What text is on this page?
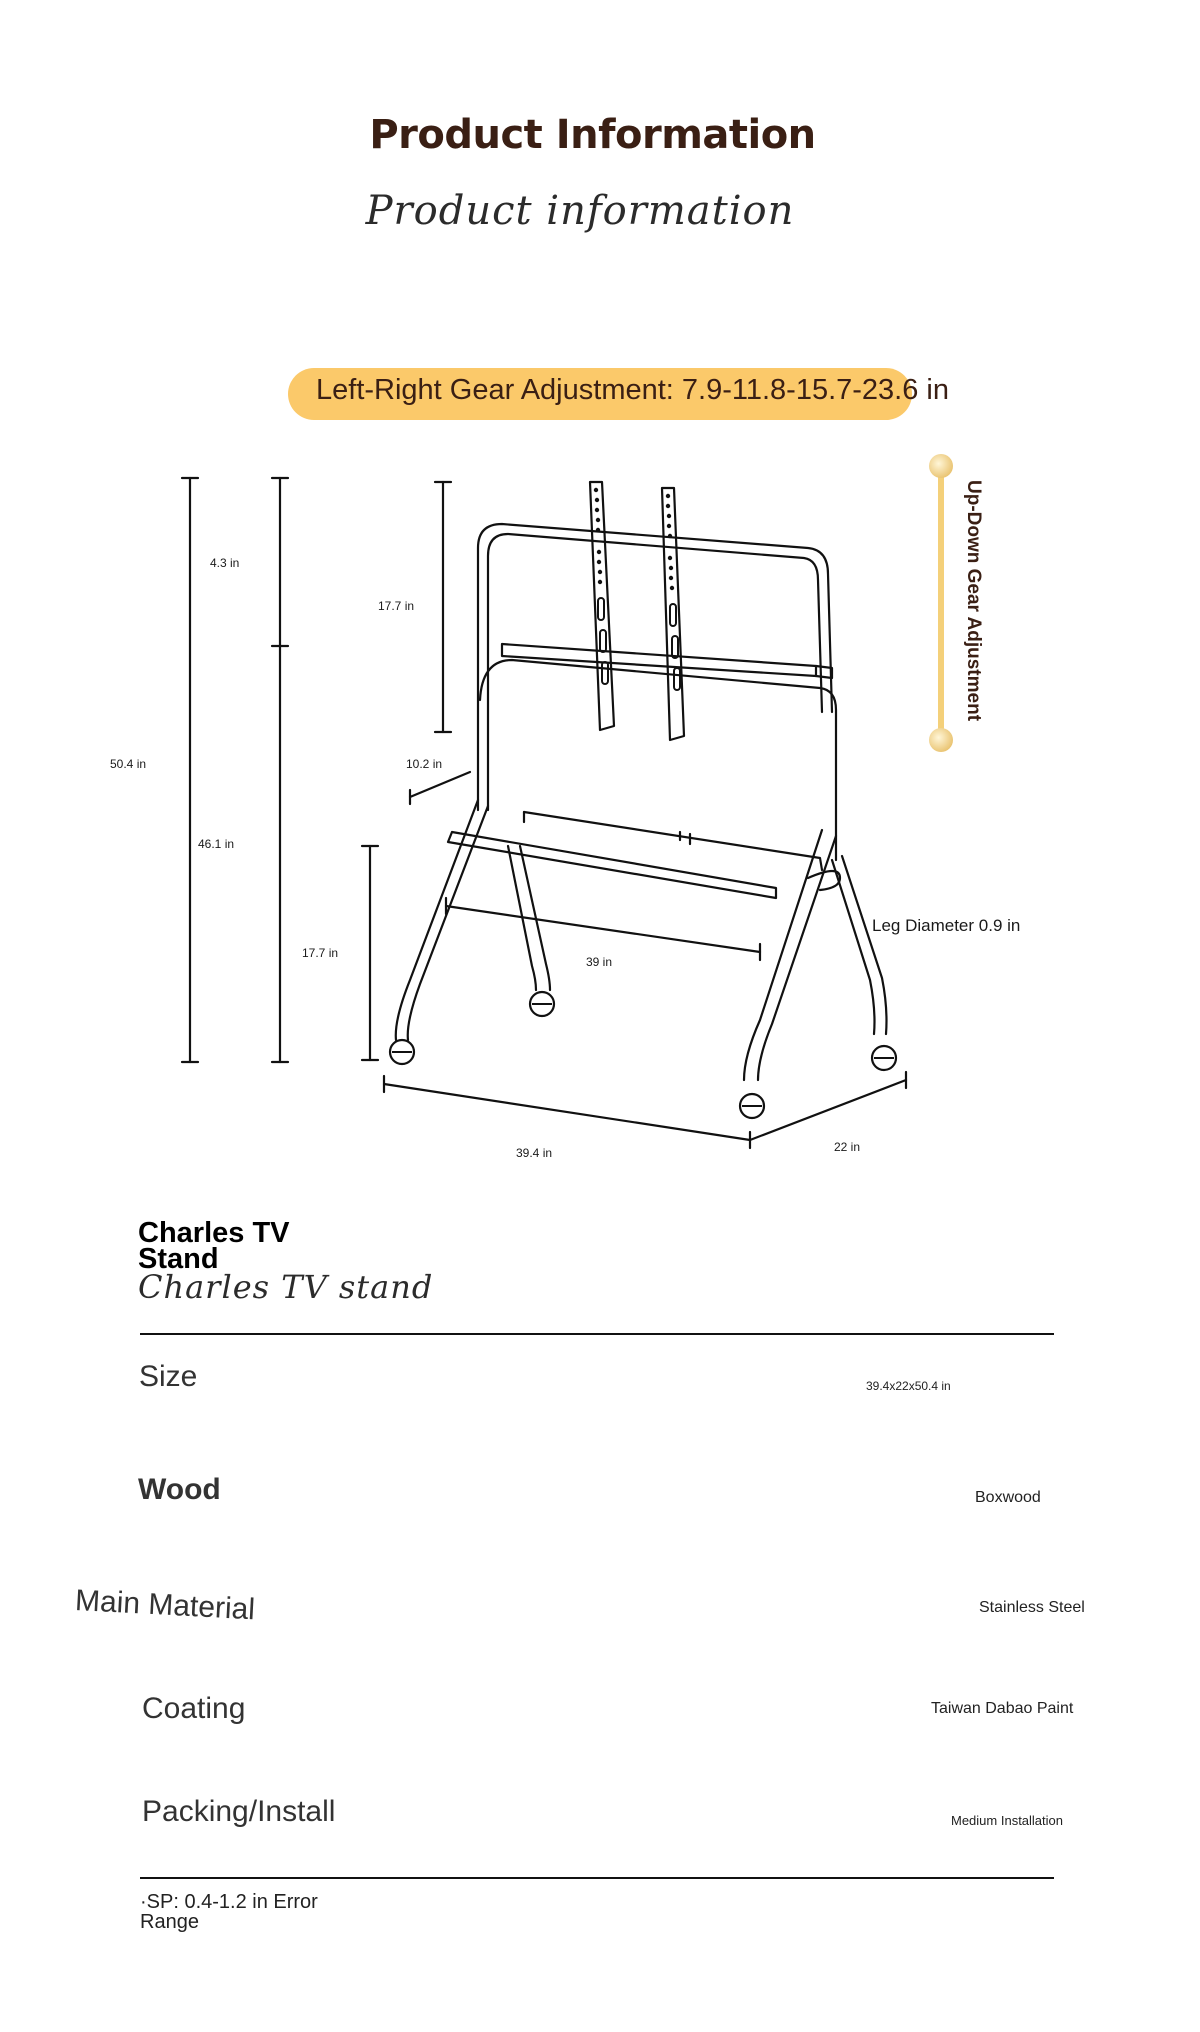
Product Information
Product information
Left-Right Gear Adjustment: 7.9-11.8-15.7-23.6 in
Up-Down Gear Adjustment
4.3 in
50.4 in
46.1 in
17.7 in
10.2 in
17.7 in
39 in
39.4 in	22 in
Leg Diameter 0.9 in
Charles TV Stand
Charles TV stand
Size	39.4x22x50.4 in
Wood	Boxwood
Main Material	Stainless Steel
Coating	Taiwan Dabao Paint
Packing/Install	Medium Installation
·SP: 0.4-1.2 in Error Range
